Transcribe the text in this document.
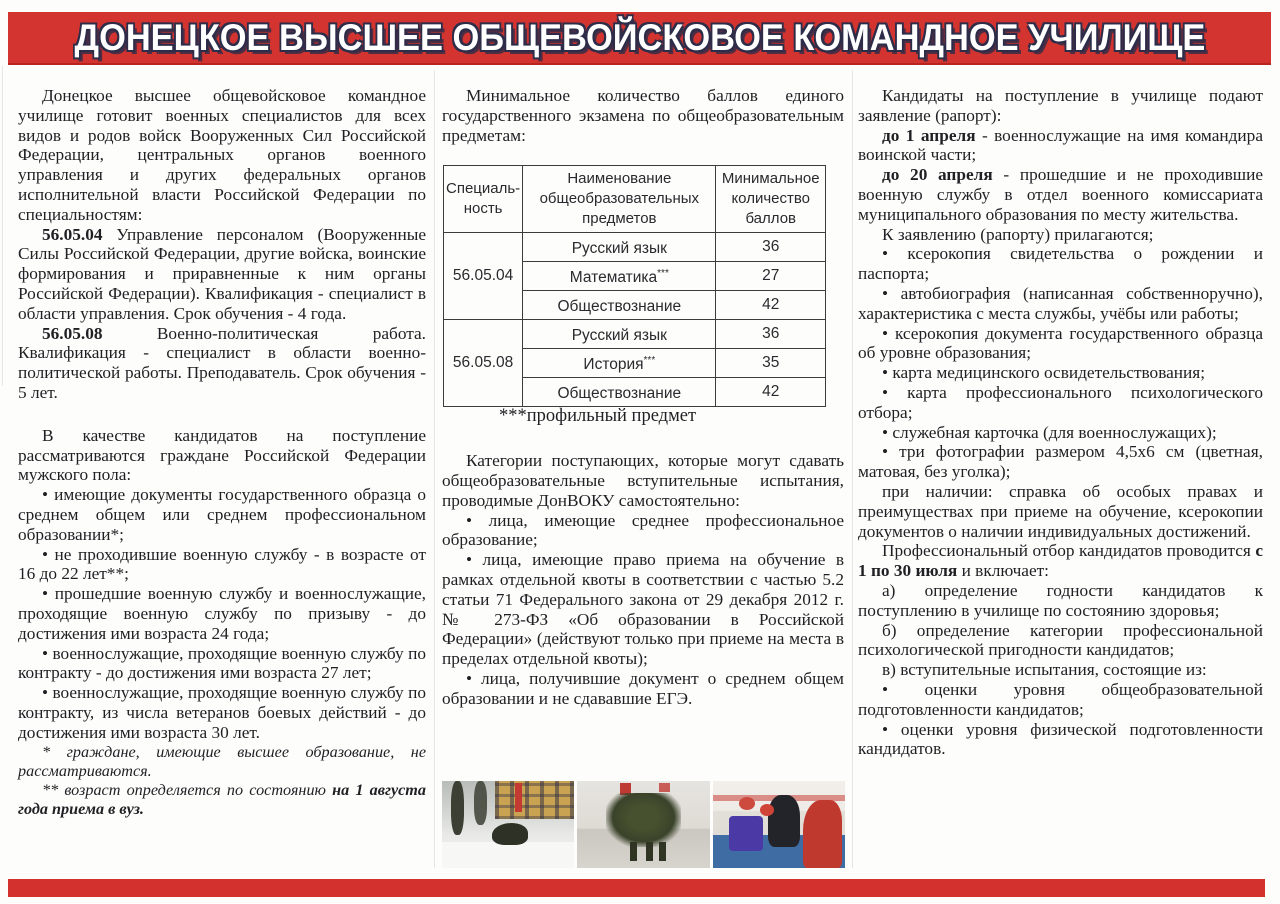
ДОНЕЦКОЕ ВЫСШЕЕ ОБЩЕВОЙСКОВОЕ КОМАНДНОЕ УЧИЛИЩЕ

Донецкое высшее общевойсковое командное училище готовит военных специалистов для всех видов и родов войск Вооруженных Сил Российской Федерации, центральных органов военного управления и других федеральных органов исполнительной власти Российской Федерации по специальностям:

56.05.04 Управление персоналом (Вооруженные Силы Российской Федерации, другие войска, воинские формирования и приравненные к ним органы Российской Федерации). Квалификация - специалист в области управления. Срок обучения - 4 года.

56.05.08 Военно-политическая работа. Квалификация - специалист в области военно-политической работы. Преподаватель. Срок обучения - 5 лет.

В качестве кандидатов на поступление рассматриваются граждане Российской Федерации мужского пола:

• имеющие документы государственного образца о среднем общем или среднем профессиональном образовании*;

• не проходившие военную службу - в возрасте от 16 до 22 лет**;

• прошедшие военную службу и военнослужащие, проходящие военную службу по призыву - до достижения ими возраста 24 года;

• военнослужащие, проходящие военную службу по контракту - до достижения ими возраста 27 лет;

• военнослужащие, проходящие военную службу по контракту, из числа ветеранов боевых действий - до достижения ими возраста 30 лет.

* граждане, имеющие высшее образование, не рассматриваются.

** возраст определяется по состоянию на 1 августа года приема в вуз.

Минимальное количество баллов единого государственного экзамена по общеобразовательным предметам:

Специаль-ность	Наименование общеобразовательных предметов	Минимальное количество баллов
56.05.04	Русский язык	36
	Математика***	27
	Обществознание	42
56.05.08	Русский язык	36
	История***	35
	Обществознание	42

***профильный предмет

Категории поступающих, которые могут сдавать общеобразовательные вступительные испытания, проводимые ДонВОКУ самостоятельно:

• лица, имеющие среднее профессиональное образование;

• лица, имеющие право приема на обучение в рамках отдельной квоты в соответствии с частью 5.2 статьи 71 Федерального закона от 29 декабря 2012 г. № 273-ФЗ «Об образовании в Российской Федерации» (действуют только при приеме на места в пределах отдельной квоты);

• лица, получившие документ о среднем общем образовании и не сдававшие ЕГЭ.

Кандидаты на поступление в училище подают заявление (рапорт):

до 1 апреля - военнослужащие на имя командира воинской части;

до 20 апреля - прошедшие и не проходившие военную службу в отдел военного комиссариата муниципального образования по месту жительства.

К заявлению (рапорту) прилагаются;

• ксерокопия свидетельства о рождении и паспорта;

• автобиография (написанная собственноручно), характеристика с места службы, учёбы или работы;

• ксерокопия документа государственного образца об уровне образования;

• карта медицинского освидетельствования;

• карта профессионального психологического отбора;

• служебная карточка (для военнослужащих);

• три фотографии размером 4,5х6 см (цветная, матовая, без уголка);

при наличии: справка об особых правах и преимуществах при приеме на обучение, ксерокопии документов о наличии индивидуальных достижений.

Профессиональный отбор кандидатов проводится с 1 по 30 июля и включает:

а) определение годности кандидатов к поступлению в училище по состоянию здоровья;

б) определение категории профессиональной психологической пригодности кандидатов;

в) вступительные испытания, состоящие из:

• оценки уровня общеобразовательной подготовленности кандидатов;

• оценки уровня физической подготовленности кандидатов.
